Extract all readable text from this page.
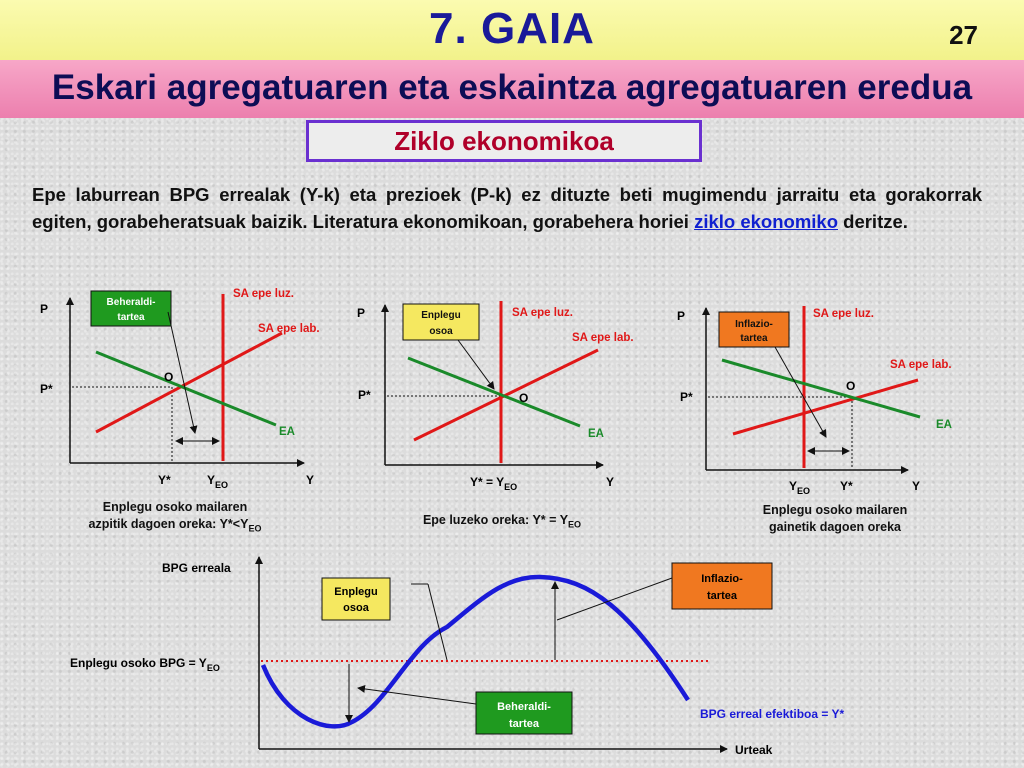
7. GAIA	27
Eskari agregatuaren eta eskaintza agregatuaren eredua
Ziklo ekonomikoa
Epe laburrean BPG errealak (Y-k) eta prezioek (P-k) ez dituzte beti mugimendu jarraitu eta gorakorrak egiten, gorabeheratsuak baizik. Literatura ekonomikoan, gorabehera horiei ziklo ekonomiko deritze.
P
Y
P*
SA epe luz.
SA epe lab.
EA
O
Beheraldi-
tartea
Y*	$Y_{EO}$
P
Y
P*
SA epe luz.
SA epe lab.
EA
O
Enplegu
osoa
$Y* = Y_{EO}$
P
Y
P*
SA epe luz.
SA epe lab.
EA
O
Inflazio-
tartea
$Y_{EO}$ Y*
BPG erreala
Urteak
Enplegu osoko BPG = $Y_{EO}$
Enplegu
osoa
Inflazio-
tartea
Beheraldi-
tartea
BPG erreal efektiboa = Y*
Enplegu osoko mailaren
azpitik dagoen oreka: $Y*<Y_{EO}$
Epe luzeko oreka: $Y* = Y_{EO}$
Enplegu osoko mailaren
gainetik dagoen oreka
